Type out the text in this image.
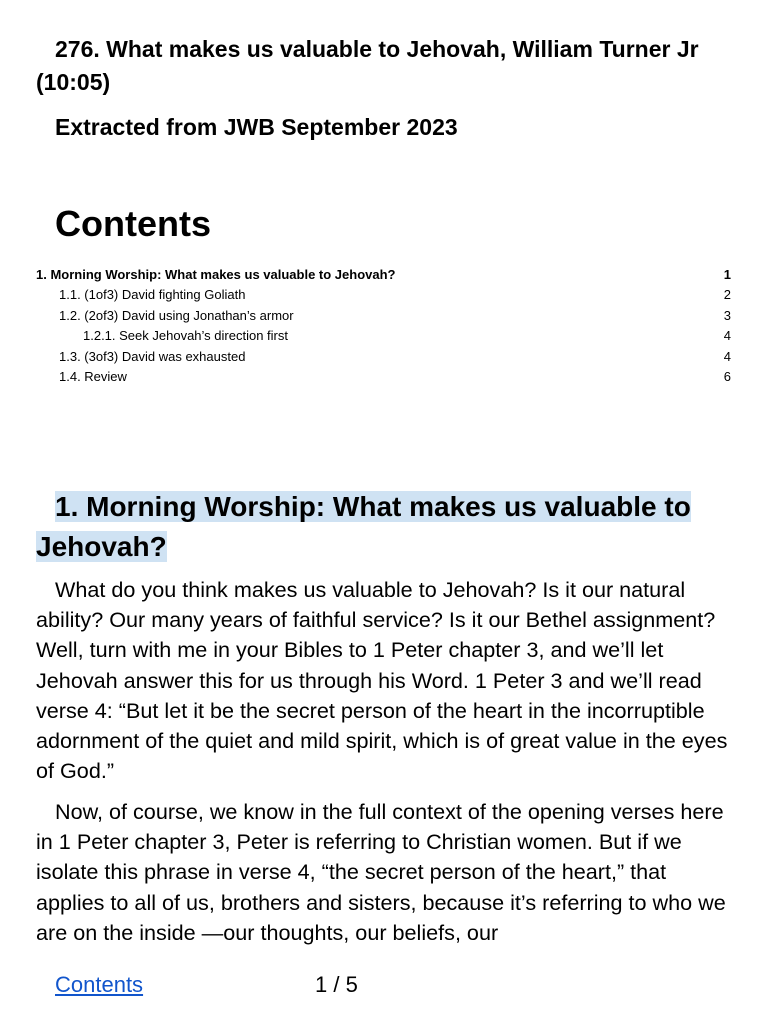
276. What makes us valuable to Jehovah, William Turner Jr (10:05)
Extracted from JWB September 2023
Contents
1. Morning Worship: What makes us valuable to Jehovah?	1
1.1. (1of3) David fighting Goliath	2
1.2. (2of3) David using Jonathan’s armor	3
1.2.1. Seek Jehovah’s direction first	4
1.3. (3of3) David was exhausted	4
1.4. Review	6
1. Morning Worship: What makes us valuable to Jehovah?

What do you think makes us valuable to Jehovah? Is it our natural ability? Our many years of faithful service? Is it our Bethel assignment? Well, turn with me in your Bibles to 1 Peter chapter 3, and we’ll let Jehovah answer this for us through his Word. 1 Peter 3 and we’ll read verse 4: “But let it be the secret person of the heart in the incorruptible adornment of the quiet and mild spirit, which is of great value in the eyes of God.”

Now, of course, we know in the full context of the opening verses here in 1 Peter chapter 3, Peter is referring to Christian women. But if we isolate this phrase in verse 4, “the secret person of the heart,” that applies to all of us, brothers and sisters, because it’s referring to who we are on the inside —our thoughts, our beliefs, our

Contents	1 / 5
